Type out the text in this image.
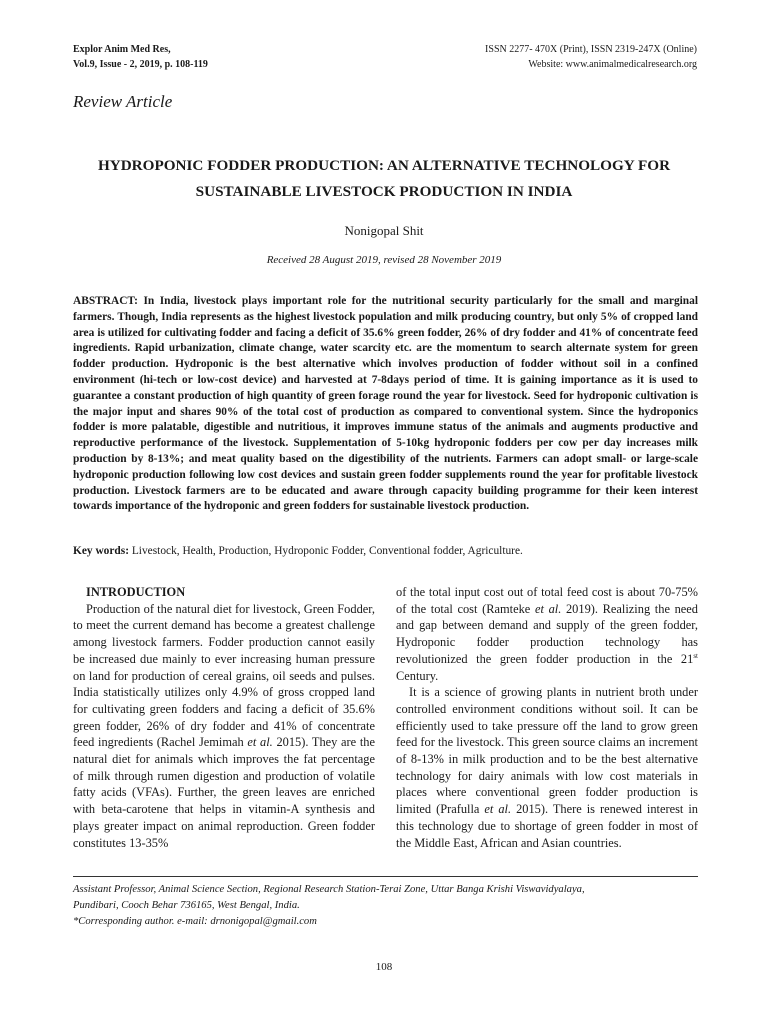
Explor Anim Med Res,
Vol.9, Issue - 2, 2019, p. 108-119
ISSN 2277- 470X (Print), ISSN 2319-247X (Online)
Website: www.animalmedicalresearch.org
Review Article
HYDROPONIC FODDER PRODUCTION: AN ALTERNATIVE TECHNOLOGY FOR
SUSTAINABLE LIVESTOCK PRODUCTION IN INDIA
Nonigopal Shit
Received 28 August 2019, revised 28 November 2019
ABSTRACT: In India, livestock plays important role for the nutritional security particularly for the small and marginal farmers. Though, India represents as the highest livestock population and milk producing country, but only 5% of cropped land area is utilized for cultivating fodder and facing a deficit of 35.6% green fodder, 26% of dry fodder and 41% of concentrate feed ingredients. Rapid urbanization, climate change, water scarcity etc. are the momentum to search alternate system for green fodder production. Hydroponic is the best alternative which involves production of fodder without soil in a confined environment (hi-tech or low-cost device) and harvested at 7-8days period of time. It is gaining importance as it is used to guarantee a constant production of high quantity of green forage round the year for livestock. Seed for hydroponic cultivation is the major input and shares 90% of the total cost of production as compared to conventional system. Since the hydroponics fodder is more palatable, digestible and nutritious, it improves immune status of the animals and augments productive and reproductive performance of the livestock. Supplementation of 5-10kg hydroponic fodders per cow per day increases milk production by 8-13%; and meat quality based on the digestibility of the nutrients. Farmers can adopt small- or large-scale hydroponic production following low cost devices and sustain green fodder supplements round the year for profitable livestock production. Livestock farmers are to be educated and aware through capacity building programme for their keen interest towards importance of the hydroponic and green fodders for sustainable livestock production.
Key words: Livestock, Health, Production, Hydroponic Fodder, Conventional fodder, Agriculture.
INTRODUCTION

Production of the natural diet for livestock, Green Fodder, to meet the current demand has become a greatest challenge among livestock farmers. Fodder production cannot easily be increased due mainly to ever increasing human pressure on land for production of cereal grains, oil seeds and pulses. India statistically utilizes only 4.9% of gross cropped land for cultivating green fodders and facing a deficit of 35.6% green fodder, 26% of dry fodder and 41% of concentrate feed ingredients (Rachel Jemimah et al. 2015). They are the natural diet for animals which improves the fat percentage of milk through rumen digestion and production of volatile fatty acids (VFAs). Further, the green leaves are enriched with beta-carotene that helps in vitamin-A synthesis and plays greater impact on animal reproduction. Green fodder constitutes 13-35%

of the total input cost out of total feed cost is about 70-75% of the total cost (Ramteke et al. 2019). Realizing the need and gap between demand and supply of the green fodder, Hydroponic fodder production technology has revolutionized the green fodder production in the 21st Century.

It is a science of growing plants in nutrient broth under controlled environment conditions without soil. It can be efficiently used to take pressure off the land to grow green feed for the livestock. This green source claims an increment of 8-13% in milk production and to be the best alternative technology for dairy animals with low cost materials in places where conventional green fodder production is limited (Prafulla et al. 2015). There is renewed interest in this technology due to shortage of green fodder in most of the Middle East, African and Asian countries.

Assistant Professor, Animal Science Section, Regional Research Station-Terai Zone, Uttar Banga Krishi Viswavidyalaya,
Pundibari, Cooch Behar 736165, West Bengal, India.
*Corresponding author. e-mail: drnonigopal@gmail.com
108
